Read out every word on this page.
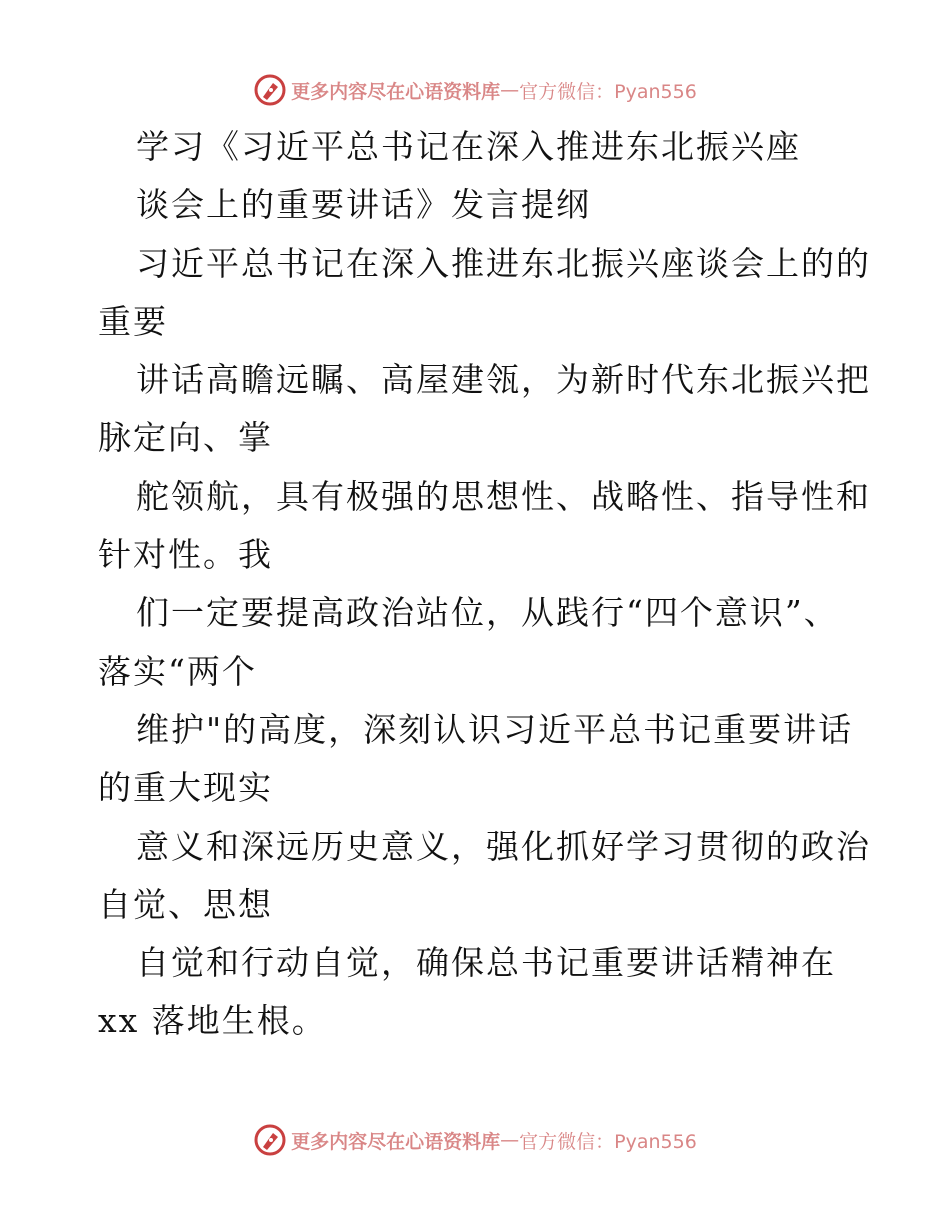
更多内容尽在心语资料库 — 官方微信：Pyan556
学习《习近平总书记在深入推进东北振兴座
谈会上的重要讲话》发言提纲
习近平总书记在深入推进东北振兴座谈会上的的
重要
讲话高瞻远瞩、高屋建瓴，为新时代东北振兴把
脉定向、掌
舵领航，具有极强的思想性、战略性、指导性和
针对性。我
们一定要提高政治站位，从践行“四个意识”、
落实“两个
维护"的高度，深刻认识习近平总书记重要讲话
的重大现实
意义和深远历史意义，强化抓好学习贯彻的政治
自觉、思想
自觉和行动自觉，确保总书记重要讲话精神在
xx 落地生根。
更多内容尽在心语资料库 — 官方微信：Pyan556
